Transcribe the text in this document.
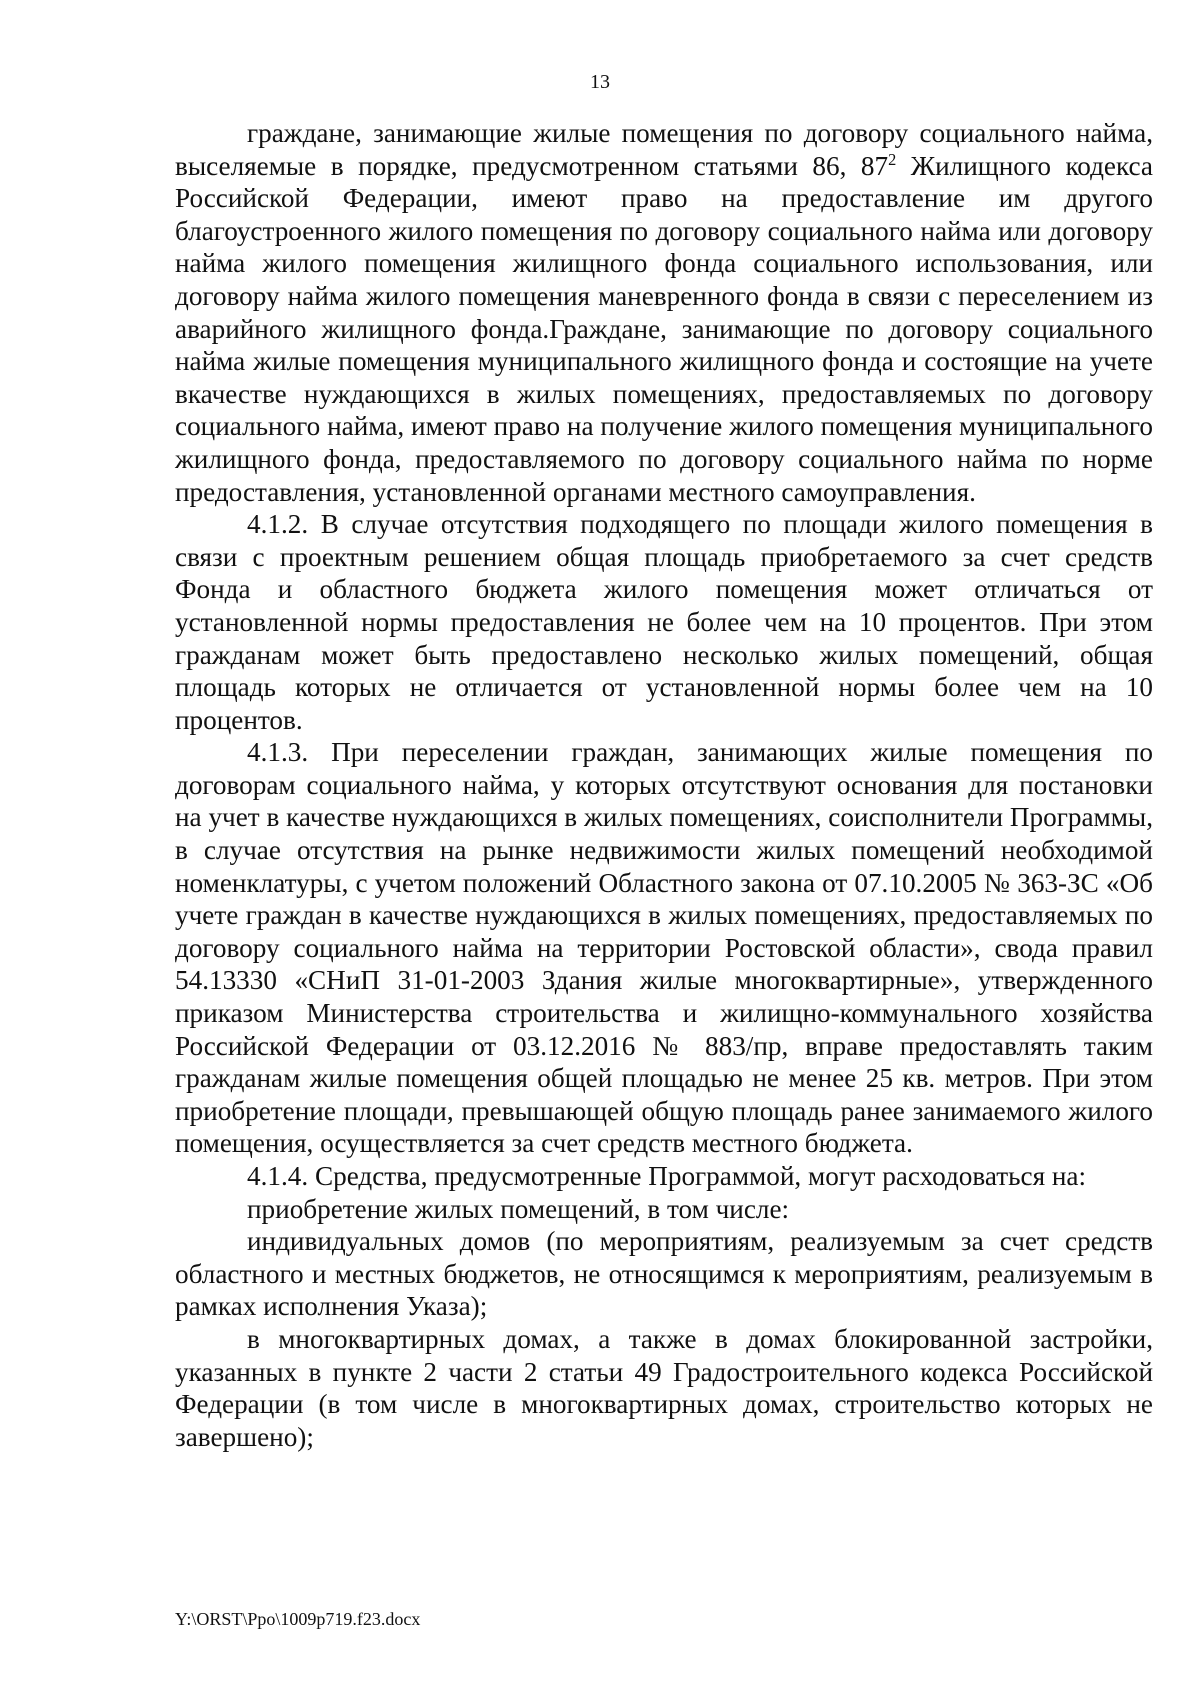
13

граждане, занимающие жилые помещения по договору социального найма, выселяемые в порядке, предусмотренном статьями 86, $87^2$ Жилищного кодекса Российской Федерации, имеют право на предоставление им другого благоустроенного жилого помещения по договору социального найма или договору найма жилого помещения жилищного фонда социального использования, или договору найма жилого помещения маневренного фонда в связи с переселением из аварийного жилищного фонда.Граждане, занимающие по договору социального найма жилые помещения муниципального жилищного фонда и состоящие на учете вкачестве нуждающихся в жилых помещениях, предоставляемых по договору социального найма, имеют право на получение жилого помещения муниципального жилищного фонда, предоставляемого по договору социального найма по норме предоставления, установленной органами местного самоуправления.

4.1.2. В случае отсутствия подходящего по площади жилого помещения в связи с проектным решением общая площадь приобретаемого за счет средств Фонда и областного бюджета жилого помещения может отличаться от установленной нормы предоставления не более чем на 10 процентов. При этом гражданам может быть предоставлено несколько жилых помещений, общая площадь которых не отличается от установленной нормы более чем на 10 процентов.

4.1.3. При переселении граждан, занимающих жилые помещения по договорам социального найма, у которых отсутствуют основания для постановки на учет в качестве нуждающихся в жилых помещениях, соисполнители Программы, в случае отсутствия на рынке недвижимости жилых помещений необходимой номенклатуры, с учетом положений Областного закона от 07.10.2005 № 363-ЗС «Об учете граждан в качестве нуждающихся в жилых помещениях, предоставляемых по договору социального найма на территории Ростовской области», свода правил 54.13330 «СНиП 31-01-2003 Здания жилые многоквартирные», утвержденного приказом Министерства строительства и жилищно-коммунального хозяйства Российской Федерации от 03.12.2016 № 883/пр, вправе предоставлять таким гражданам жилые помещения общей площадью не менее 25 кв. метров. При этом приобретение площади, превышающей общую площадь ранее занимаемого жилого помещения, осуществляется за счет средств местного бюджета.

4.1.4. Средства, предусмотренные Программой, могут расходоваться на:

приобретение жилых помещений, в том числе:

индивидуальных домов (по мероприятиям, реализуемым за счет средств областного и местных бюджетов, не относящимся к мероприятиям, реализуемым в рамках исполнения Указа);

в многоквартирных домах, а также в домах блокированной застройки, указанных в пункте 2 части 2 статьи 49 Градостроительного кодекса Российской Федерации (в том числе в многоквартирных домах, строительство которых не завершено);

Y:\ORST\Ppo\1009p719.f23.docx
